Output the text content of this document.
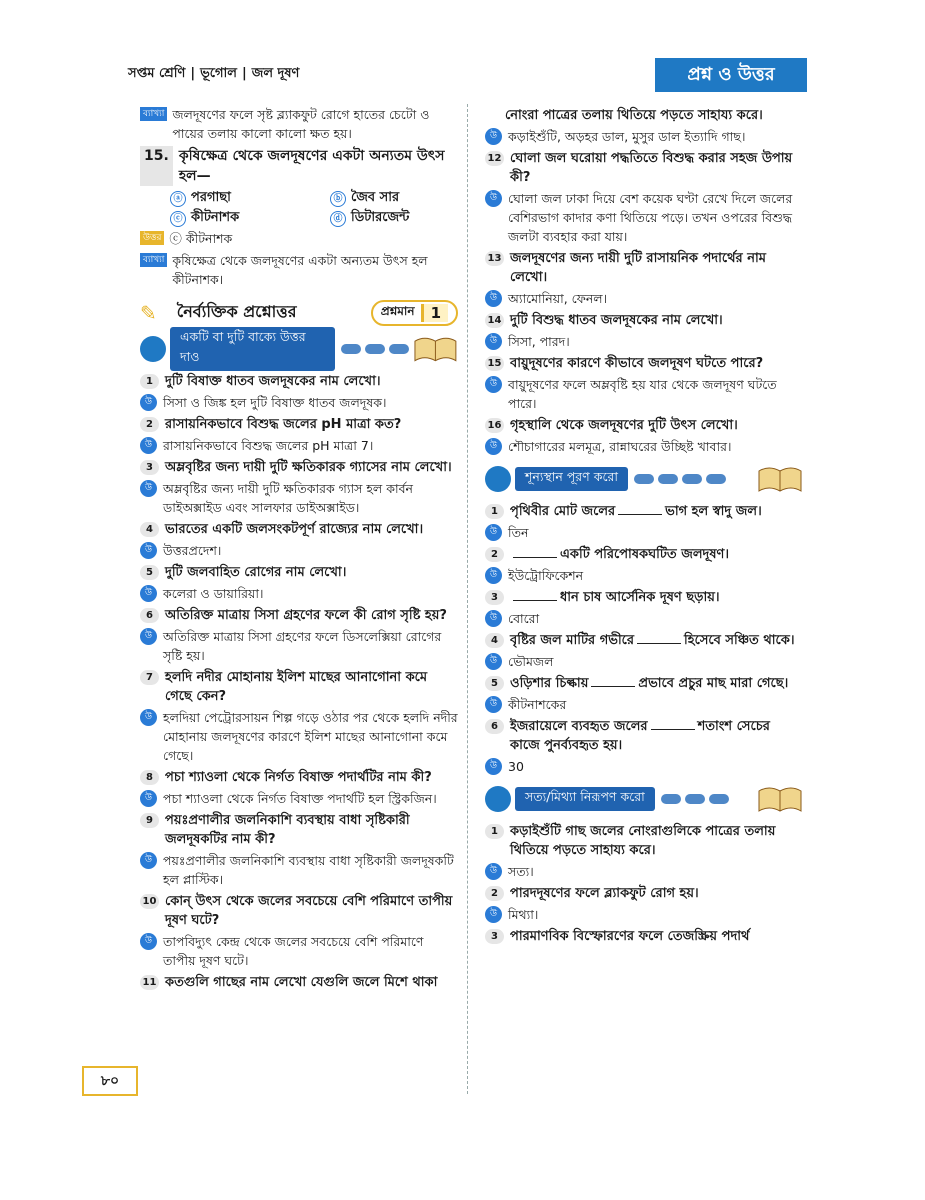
সপ্তম শ্রেণি | ভূগোল | জল দূষণ	প্রশ্ন ও উত্তর
ব্যাখ্যা জলদূষণের ফলে সৃষ্ট ব্ল্যাকফুট রোগে হাতের চেটো ও পায়ের তলায় কালো কালো ক্ষত হয়।
15. কৃষিক্ষেত্র থেকে জলদূষণের একটা অন্যতম উৎস হল—
ⓐ পরগাছা	ⓑ জৈব সার
ⓒ কীটনাশক	ⓓ ডিটারজেন্ট
উত্তর ⓒ কীটনাশক
ব্যাখ্যা কৃষিক্ষেত্র থেকে জলদূষণের একটা অন্যতম উৎস হল কীটনাশক।
✎ নৈর্ব্যক্তিক প্রশ্নোত্তর	প্রশ্নমান	1
একটি বা দুটি বাক্যে উত্তর দাও
1 দুটি বিষাক্ত ধাতব জলদূষকের নাম লেখো।
উ সিসা ও জিঙ্ক হল দুটি বিষাক্ত ধাতব জলদূষক।
2 রাসায়নিকভাবে বিশুদ্ধ জলের pH মাত্রা কত?
উ রাসায়নিকভাবে বিশুদ্ধ জলের pH মাত্রা 7।
3 অম্লবৃষ্টির জন্য দায়ী দুটি ক্ষতিকারক গ্যাসের নাম লেখো।
উ অম্লবৃষ্টির জন্য দায়ী দুটি ক্ষতিকারক গ্যাস হল কার্বন ডাইঅক্সাইড এবং সালফার ডাইঅক্সাইড।
4 ভারতের একটি জলসংকটপূর্ণ রাজ্যের নাম লেখো।
উ উত্তরপ্রদেশ।
5 দুটি জলবাহিত রোগের নাম লেখো।
উ কলেরা ও ডায়ারিয়া।
6 অতিরিক্ত মাত্রায় সিসা গ্রহণের ফলে কী রোগ সৃষ্টি হয়?
উ অতিরিক্ত মাত্রায় সিসা গ্রহণের ফলে ডিসলেক্সিয়া রোগের সৃষ্টি হয়।
7 হলদি নদীর মোহানায় ইলিশ মাছের আনাগোনা কমে গেছে কেন?
উ হলদিয়া পেট্রোরসায়ন শিল্প গড়ে ওঠার পর থেকে হলদি নদীর মোহানায় জলদূষণের কারণে ইলিশ মাছের আনাগোনা কমে গেছে।
8 পচা শ্যাওলা থেকে নির্গত বিষাক্ত পদার্থটির নাম কী?
উ পচা শ্যাওলা থেকে নির্গত বিষাক্ত পদার্থটি হল স্ট্রিকজিন।
9 পয়ঃপ্রণালীর জলনিকাশি ব্যবস্থায় বাধা সৃষ্টিকারী জলদূষকটির নাম কী?
উ পয়ঃপ্রণালীর জলনিকাশি ব্যবস্থায় বাধা সৃষ্টিকারী জলদূষকটি হল প্লাস্টিক।
10 কোন্ উৎস থেকে জলের সবচেয়ে বেশি পরিমাণে তাপীয় দূষণ ঘটে?
উ তাপবিদ্যুৎ কেন্দ্র থেকে জলের সবচেয়ে বেশি পরিমাণে তাপীয় দূষণ ঘটে।
11 কতগুলি গাছের নাম লেখো যেগুলি জলে মিশে থাকা
নোংরা পাত্রের তলায় থিতিয়ে পড়তে সাহায্য করে।
উ কড়াইশুঁটি, অড়হর ডাল, মুসুর ডাল ইত্যাদি গাছ।
12 ঘোলা জল ঘরোয়া পদ্ধতিতে বিশুদ্ধ করার সহজ উপায় কী?
উ ঘোলা জল ঢাকা দিয়ে বেশ কয়েক ঘণ্টা রেখে দিলে জলের বেশিরভাগ কাদার কণা থিতিয়ে পড়ে। তখন ওপরের বিশুদ্ধ জলটা ব্যবহার করা যায়।
13 জলদূষণের জন্য দায়ী দুটি রাসায়নিক পদার্থের নাম লেখো।
উ অ্যামোনিয়া, ফেনল।
14 দুটি বিশুদ্ধ ধাতব জলদূষকের নাম লেখো।
উ সিসা, পারদ।
15 বায়ুদূষণের কারণে কীভাবে জলদূষণ ঘটতে পারে?
উ বায়ুদূষণের ফলে অম্লবৃষ্টি হয় যার থেকে জলদূষণ ঘটতে পারে।
16 গৃহস্থালি থেকে জলদূষণের দুটি উৎস লেখো।
উ শৌচাগারের মলমূত্র, রান্নাঘরের উচ্ছিষ্ট খাবার।
শূন্যস্থান পূরণ করো
1 পৃথিবীর মোট জলের	ভাগ হল স্বাদু জল।
উ তিন
2	একটি পরিপোষকঘটিত জলদূষণ।
উ ইউট্রোফিকেশন
3	ধান চাষ আর্সেনিক দূষণ ছড়ায়।
উ বোরো
4 বৃষ্টির জল মাটির গভীরে	হিসেবে সঞ্চিত থাকে।
উ ভৌমজল
5 ওড়িশার চিল্কায়	প্রভাবে প্রচুর মাছ মারা গেছে।
উ কীটনাশকের
6 ইজরায়েলে ব্যবহৃত জলের	শতাংশ সেচের কাজে পুনর্ব্যবহৃত হয়।
উ 30
সত্য/মিথ্যা নিরূপণ করো
1 কড়াইশুঁটি গাছ জলের নোংরাগুলিকে পাত্রের তলায় থিতিয়ে পড়তে সাহায্য করে।
উ সত্য।
2 পারদদূষণের ফলে ব্ল্যাকফুট রোগ হয়।
উ মিথ্যা।
3 পারমাণবিক বিস্ফোরণের ফলে তেজস্ক্রিয় পদার্থ
৮০
